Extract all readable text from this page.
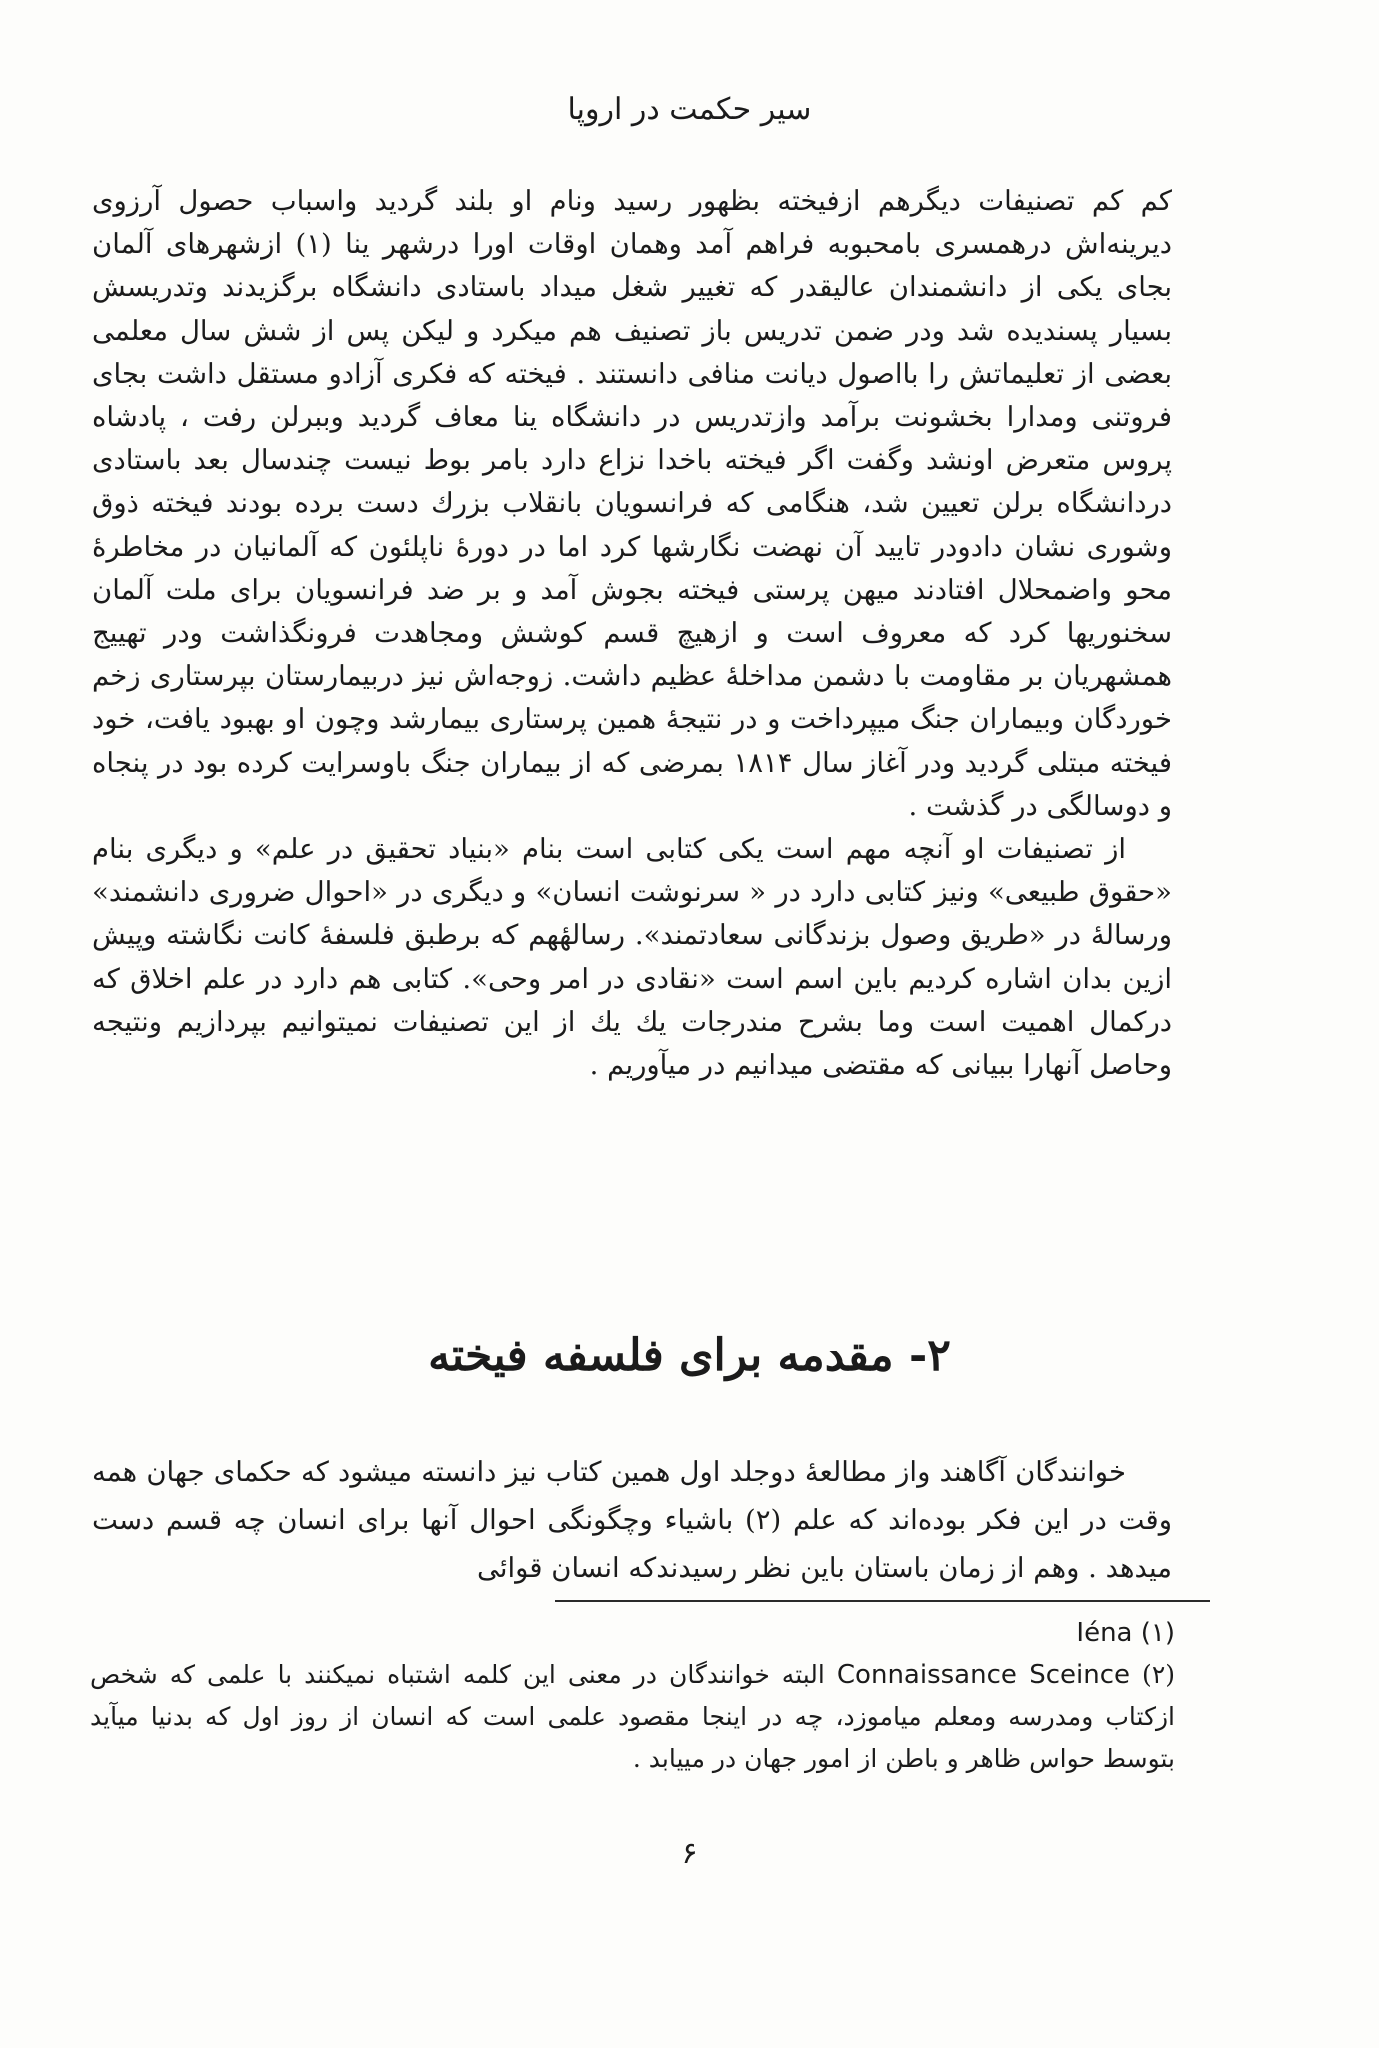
سیر حکمت در اروپا

کم کم تصنیفات دیگرهم ازفیخته بظهور رسید ونام او بلند گردید واسباب حصول آرزوی دیرینه‌اش درهمسری بامحبوبه فراهم آمد وهمان اوقات اورا درشهر ینا (۱) ازشهرهای آلمان بجای یکی از دانشمندان عالیقدر که تغییر شغل میداد باستادی دانشگاه برگزیدند وتدریسش بسیار پسندیده شد ودر ضمن تدریس باز تصنیف هم میکرد و لیکن پس از شش سال معلمی بعضی از تعلیماتش را بااصول دیانت منافی دانستند . فیخته که فکری آزادو مستقل داشت بجای فروتنی ومدارا بخشونت برآمد وازتدریس در دانشگاه ینا معاف گردید وببرلن رفت ، پادشاه پروس متعرض اونشد وگفت اگر فیخته باخدا نزاع دارد بامر بوط نیست چندسال بعد باستادی دردانشگاه برلن تعیین شد، هنگامی که فرانسویان بانقلاب بزرك دست برده بودند فیخته ذوق وشوری نشان دادودر تایید آن نهضت نگارشها کرد اما در دورهٔ ناپلئون که آلمانیان در مخاطرهٔ محو واضمحلال افتادند میهن پرستی فیخته بجوش آمد و بر ضد فرانسویان برای ملت آلمان سخنوریها کرد که معروف است و ازهیچ قسم کوشش ومجاهدت فرونگذاشت ودر تهییج همشهریان بر مقاومت با دشمن مداخلهٔ عظیم داشت. زوجه‌اش نیز دربیمارستان بپرستاری زخم خوردگان وبیماران جنگ میپرداخت و در نتیجهٔ همین پرستاری بیمارشد وچون او بهبود یافت، خود فیخته مبتلی گردید ودر آغاز سال ۱۸۱۴ بمرضی که از بیماران جنگ باوسرایت کرده بود در پنجاه و دوسالگی در گذشت .

از تصنیفات او آنچه مهم است یکی کتابی است بنام «بنیاد تحقیق در علم» و دیگری بنام «حقوق طبیعی» ونیز کتابی دارد در « سرنوشت انسان» و دیگری در «احوال ضروری دانشمند» ورسالهٔ در «طریق وصول بزندگانی سعادتمند». رسالهٔهم که برطبق فلسفهٔ کانت نگاشته وپیش ازین بدان اشاره کردیم باین اسم است «نقادی در امر وحی». کتابی هم دارد در علم اخلاق که درکمال اهمیت است وما بشرح مندرجات یك یك از این تصنیفات نمیتوانیم بپردازیم ونتیجه وحاصل آنهارا ببیانی که مقتضی میدانیم در میآوریم .

۲- مقدمه برای فلسفه فیخته

خوانندگان آگاهند واز مطالعهٔ دوجلد اول همین کتاب نیز دانسته میشود که حکمای جهان همه وقت در این فکر بوده‌اند که علم (۲) باشیاء وچگونگی احوال آنها برای انسان چه قسم دست میدهد . وهم از زمان باستان باین نظر رسیدندکه انسان قوائی

Iéna (۱)

(۲) Connaissance Sceince البته خوانندگان در معنی این کلمه اشتباه نمیکنند با علمی که شخص ازکتاب ومدرسه ومعلم میاموزد، چه در اینجا مقصود علمی است که انسان از روز اول که بدنیا میآید بتوسط حواس ظاهر و باطن از امور جهان در مییابد .

۶
